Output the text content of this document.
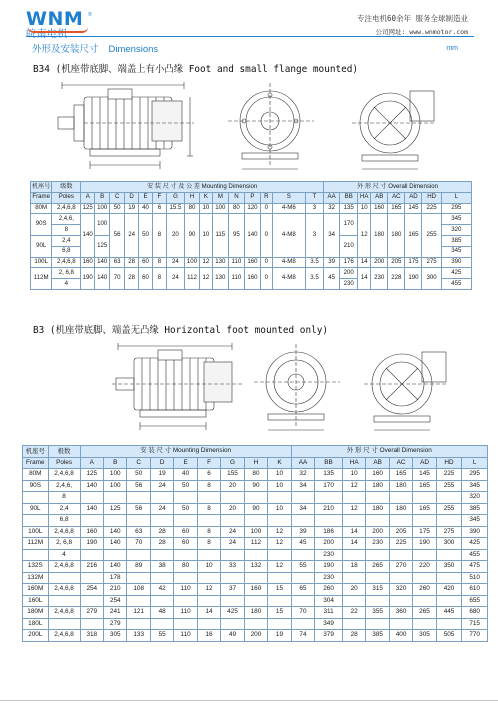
WNM ®
皖南电机
专注电机60余年 服务全球制造业
公司网址: www.wnmotor.com
外形及安装尺寸 Dimensions	mm
B34 (机座带底脚、端盖上有小凸缘 Foot and small flange mounted)
机座号	级数	安 装 尺 寸 及 公 差 Mounting Dimension															外 形 尺 寸 Overall Dimension							
Frame	Poles	A	B	C	D	E	F	G	H	K	M	N	P	R	S	T	AA	BB	HA	AB	AC	AD	HD	L
80M	2,4,6,8	125	100	50	19	40	6	15.5	80	10	100	80	120	0	4-M6	3	32	135	10	160	165	145	225	295
90S	2,4,6,	140	100	56	24	50	8	20	90	10	115	95	140	0	4-M8	3	34	170	12	180	180	165	255	345
	8																							320
90L	2,4		125															210						385
	6,8																							345
100L	2,4,6,8	160	140	63	28	60	8	24	100	12	130	110	160	0	4-M8	3.5	39	176	14	200	205	175	275	390
112M	2, 6,8	190	140	70	28	60	8	24	112	12	130	110	160	0	4-M8	3.5	45	200	14	230	228	190	300	425
	4																	230						455
B3 (机座带底脚、端盖无凸缘 Horizontal foot mounted only)
机座号	极数	安 装 尺 寸 Mounting Dimension									外 形 尺 寸 Overall Dimension							
Frame	Poles	A	B	C	D	E	F	G	H	K	AA	BB	HA	AB	AC	AD	HD	L
80M	2,4,6,8	125	100	50	19	40	6	155	80	10	32	135	10	160	165	145	225	295
90S	2,4,6,	140	100	56	24	50	8	20	90	10	34	170	12	180	180	165	255	345
	8																	320
90L	2,4	140	125	56	24	50	8	20	90	10	34	210	12	180	180	165	255	385
	6,8																	345
100L	2,4,6,8	160	140	63	28	60	8	24	100	12	39	186	14	200	205	175	275	390
112M	2, 6,8	190	140	70	28	60	8	24	112	12	45	200	14	230	225	190	300	425
	4											230						455
132S	2,4,6,8	216	140	89	38	80	10	33	132	12	55	190	18	265	270	220	350	475
132M			178									230						510
160M	2,4,6,8	254	210	108	42	110	12	37	160	15	65	260	20	315	320	260	420	610
160L			254									304						655
180M	2,4,6,8	279	241	121	48	110	14	425	180	15	70	311	22	355	360	265	445	680
180L			279									349						715
200L	2,4,6,8	318	305	133	55	110	16	49	200	19	74	379	28	385	400	305	505	770
